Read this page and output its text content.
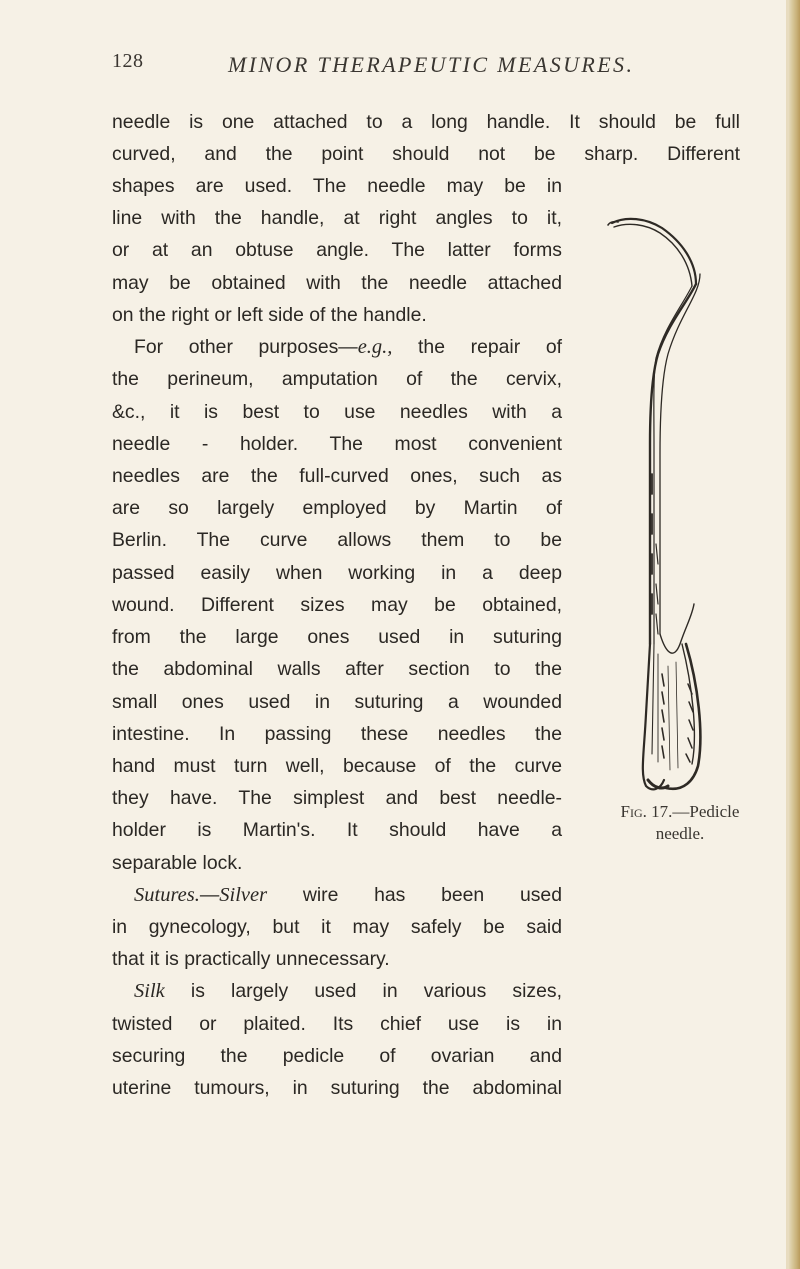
128	MINOR THERAPEUTIC MEASURES.
needle is one attached to a long handle. It should be full
curved, and the point should not be sharp. Different

shapes are used. The needle may be in
line with the handle, at right angles to it,
or at an obtuse angle. The latter forms
may be obtained with the needle attached
on the right or left side of the handle.

For other purposes—e.g., the repair of
the perineum, amputation of the cervix,
&c., it is best to use needles with a
needle - holder. The most convenient
needles are the full-curved ones, such as
are so largely employed by Martin of
Berlin. The curve allows them to be
passed easily when working in a deep
wound. Different sizes may be obtained,
from the large ones used in suturing
the abdominal walls after section to the
small ones used in suturing a wounded
intestine. In passing these needles the
hand must turn well, because of the curve
they have. The simplest and best needle-
holder is Martin's. It should have a
separable lock.

Sutures.—Silver wire has been used
in gynecology, but it may safely be said
that it is practically unnecessary.

Silk is largely used in various sizes,
twisted or plaited. Its chief use is in
securing the pedicle of ovarian and
uterine tumours, in suturing the abdominal

Fig. 17.—Pedicle
needle.
